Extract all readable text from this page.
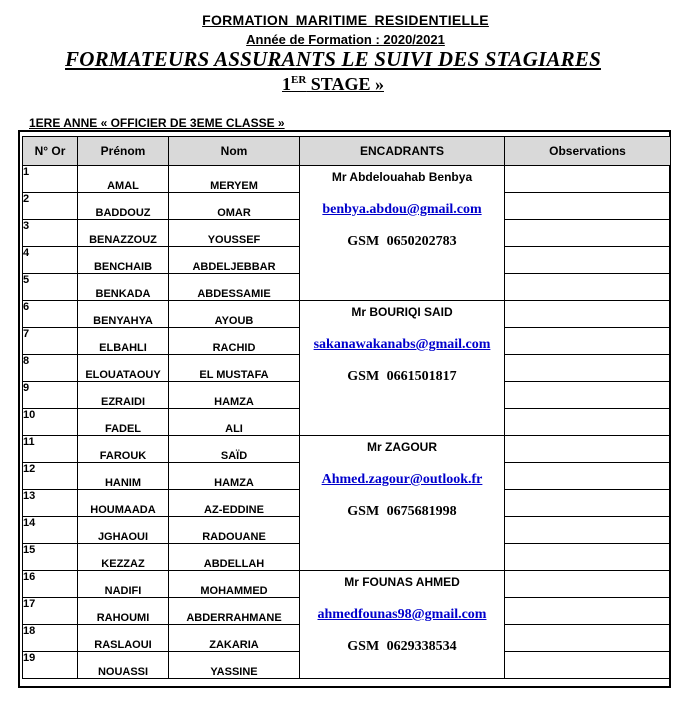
FORMATION MARITIME RESIDENTIELLE
Année de Formation : 2020/2021
FORMATEURS ASSURANTS LE SUIVI DES STAGIARES
1ER STAGE »
1ERE ANNE « OFFICIER DE 3EME CLASSE »
N° Or	Prénom	Nom	ENCADRANTS	Observations
1	AMAL	MERYEM	Mr Abdelouahab Benbya
benbya.abdou@gmail.com
GSM 0650202783	

2	BADDOUZ	OMAR		
3	BENAZZOUZ	YOUSSEF		
4	BENCHAIB	ABDELJEBBAR		
5	BENKADA	ABDESSAMIE		
6	BENYAHYA	AYOUB	Mr BOURIQI SAID
sakanawakanabs@gmail.com
GSM 0661501817	

7	ELBAHLI	RACHID		
8	ELOUATAOUY	EL MUSTAFA		
9	EZRAIDI	HAMZA		
10	FADEL	ALI		
11	FAROUK	SAÏD	Mr ZAGOUR
Ahmed.zagour@outlook.fr
GSM 0675681998	

12	HANIM	HAMZA		
13	HOUMAADA	AZ-EDDINE		
14	JGHAOUI	RADOUANE		
15	KEZZAZ	ABDELLAH		
16	NADIFI	MOHAMMED	Mr FOUNAS AHMED
ahmedfounas98@gmail.com
GSM 0629338534	

17	RAHOUMI	ABDERRAHMANE		
18	RASLAOUI	ZAKARIA		
19	NOUASSI	YASSINE		
